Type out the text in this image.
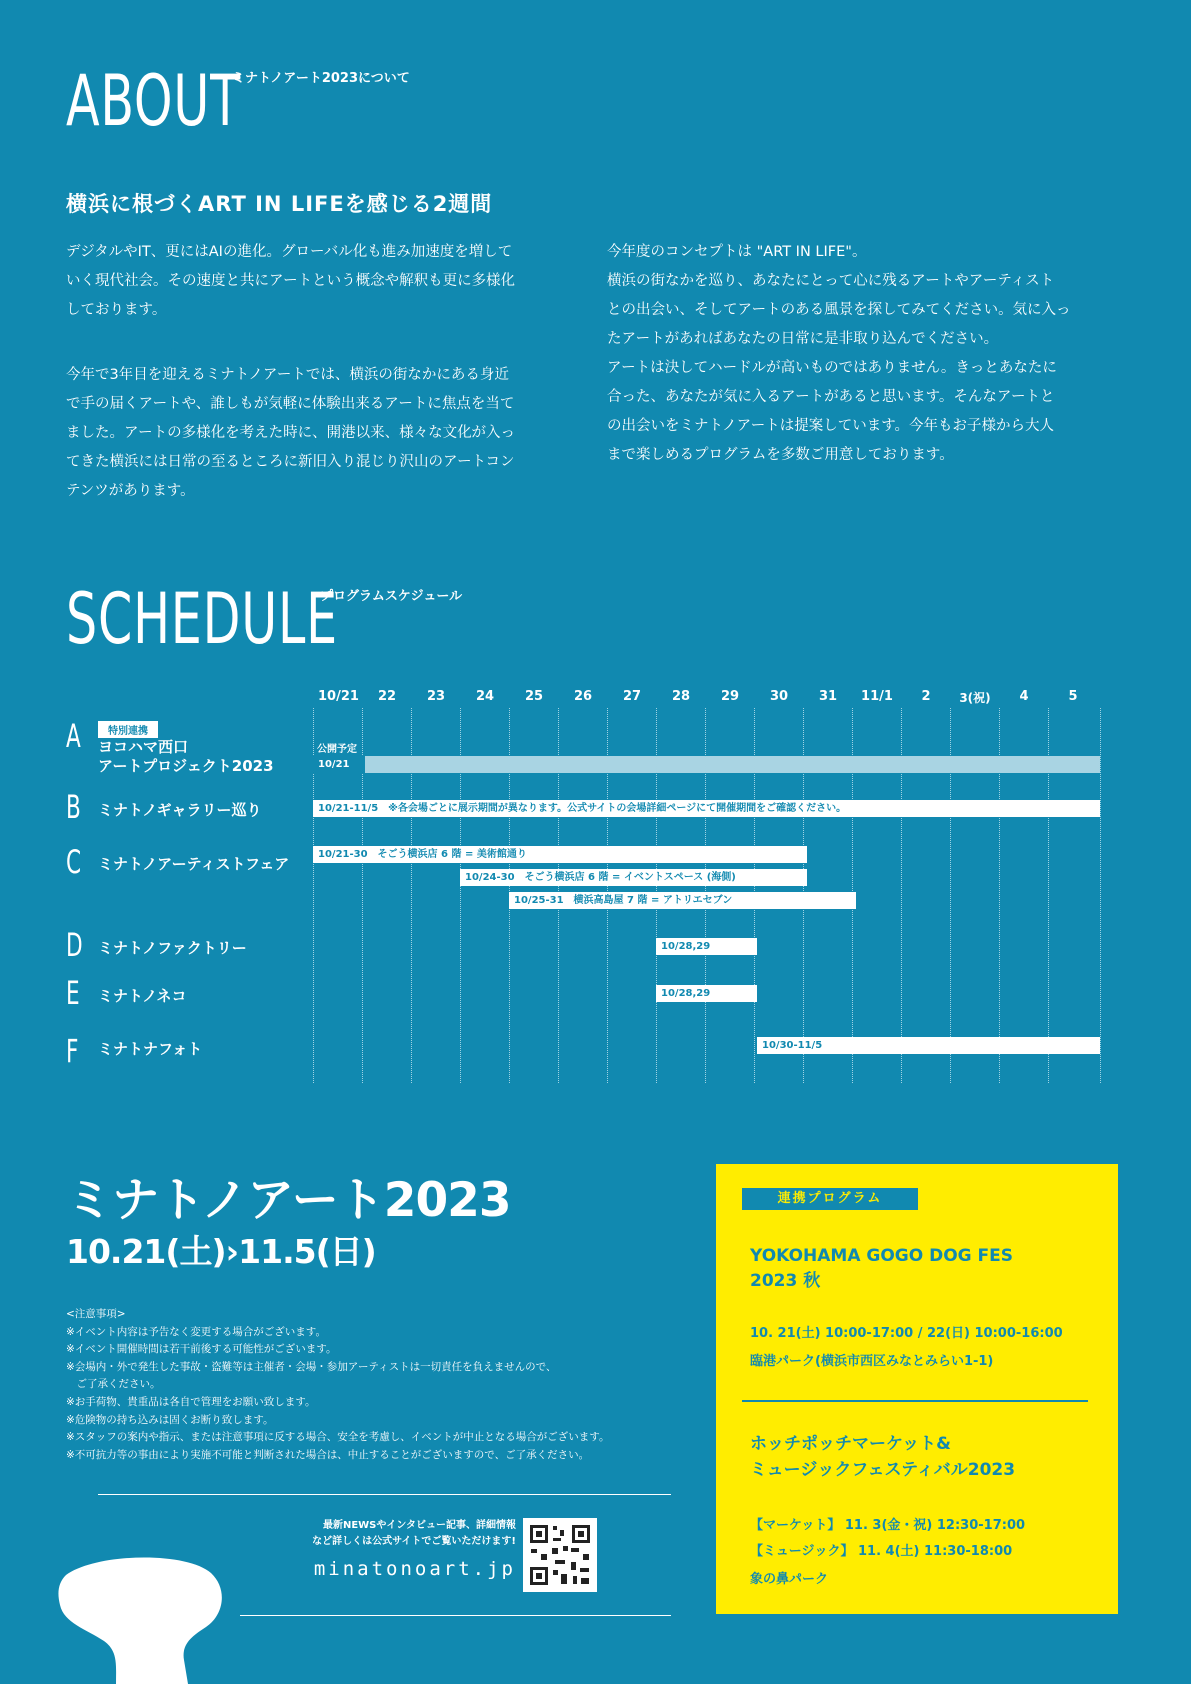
ABOUT
ミナトノアート2023について
横浜に根づくART IN LIFEを感じる2週間
デジタルやIT、更にはAIの進化。グローバル化も進み加速度を増して
いく現代社会。その速度と共にアートという概念や解釈も更に多様化
しております。
今年で3年目を迎えるミナトノアートでは、横浜の街なかにある身近
で手の届くアートや、誰しもが気軽に体験出来るアートに焦点を当て
ました。アートの多様化を考えた時に、開港以来、様々な文化が入っ
てきた横浜には日常の至るところに新旧入り混じり沢山のアートコン
テンツがあります。
今年度のコンセプトは "ART IN LIFE"。
横浜の街なかを巡り、あなたにとって心に残るアートやアーティスト
との出会い、そしてアートのある風景を探してみてください。気に入っ
たアートがあればあなたの日常に是非取り込んでください。
アートは決してハードルが高いものではありません。きっとあなたに
合った、あなたが気に入るアートがあると思います。そんなアートと
の出会いをミナトノアートは提案しています。今年もお子様から大人
まで楽しめるプログラムを多数ご用意しております。
SCHEDULE
プログラムスケジュール
10/21	22	23	24	25	26	27	28	29	30	31	11/1	2	3(祝)	4	5
A	特別連携
ヨコハマ西口
アートプロジェクト2023
公開予定
10/21
B ミナトノギャラリー巡り	10/21-11/5　※各会場ごとに展示期間が異なります。公式サイトの会場詳細ページにて開催期間をご確認ください。
C ミナトノアーティストフェア
10/21-30　そごう横浜店 6 階 = 美術館通り
10/24-30　そごう横浜店 6 階 = イベントスペース (海側)
10/25-31　横浜高島屋 7 階 = アトリエセブン
D ミナトノファクトリー	10/28,29
E ミナトノネコ	10/28,29
F ミナトナフォト	10/30-11/5
ミナトノアート2023
10.21(土)›11.5(日)
<注意事項>
※イベント内容は予告なく変更する場合がございます。
※イベント開催時間は若干前後する可能性がございます。
※会場内・外で発生した事故・盗難等は主催者・会場・参加アーティストは一切責任を負えませんので、
　ご了承ください。
※お手荷物、貴重品は各自で管理をお願い致します。
※危険物の持ち込みは固くお断り致します。
※スタッフの案内や指示、または注意事項に反する場合、安全を考慮し、イベントが中止となる場合がございます。
※不可抗力等の事由により実施不可能と判断された場合は、中止することがございますので、ご了承ください。
最新NEWSやインタビュー記事、詳細情報
など詳しくは公式サイトでご覧いただけます!
minatonoart.jp
連携プログラム
YOKOHAMA GOGO DOG FES
2023 秋
10. 21(土) 10:00-17:00 / 22(日) 10:00-16:00
臨港パーク(横浜市西区みなとみらい1-1)
ホッチポッチマーケット&
ミュージックフェスティバル2023
【マーケット】 11. 3(金・祝) 12:30-17:00
【ミュージック】 11. 4(土) 11:30-18:00
象の鼻パーク
